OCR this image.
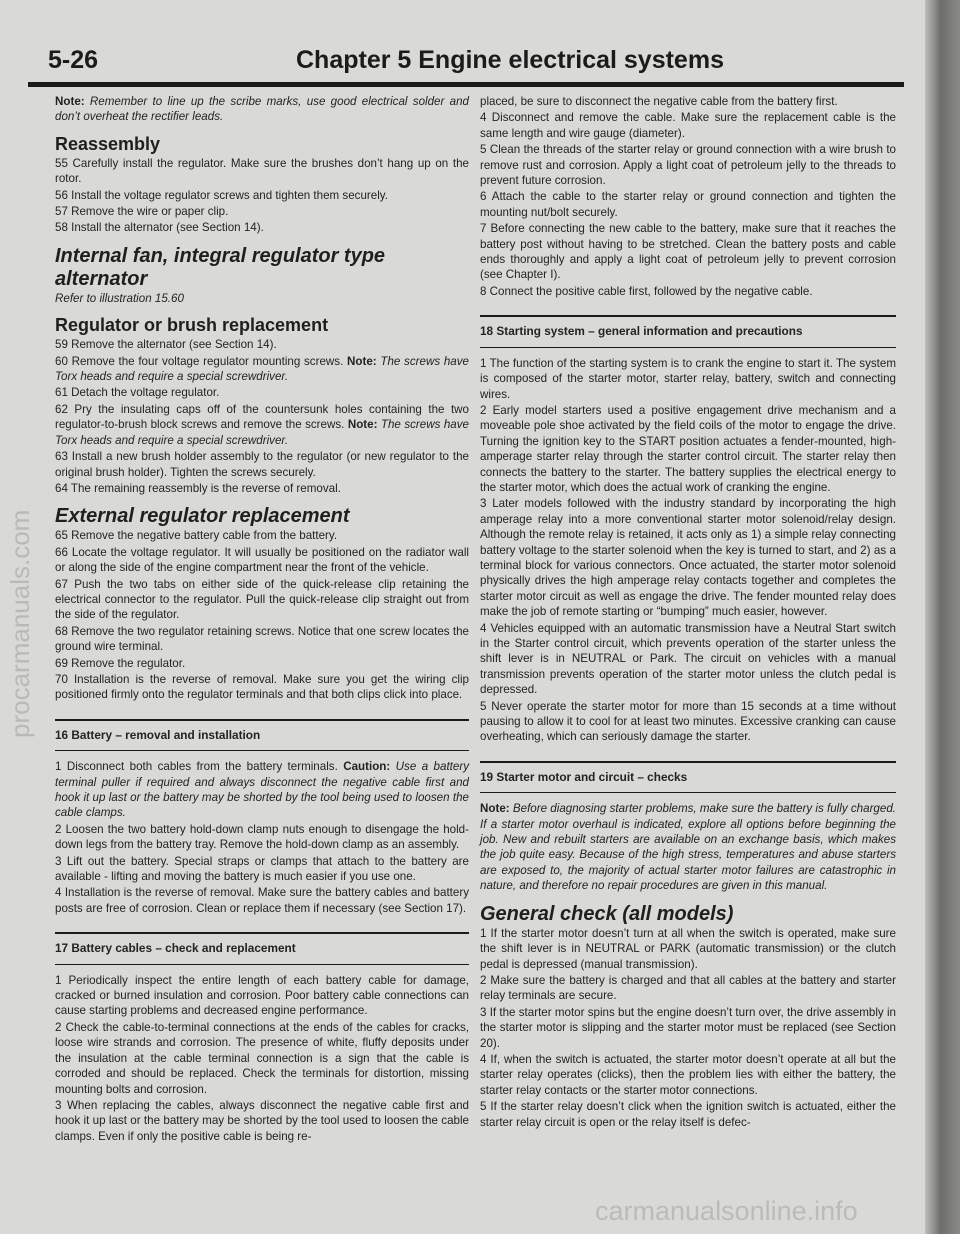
5-26	Chapter 5 Engine electrical systems

Note: Remember to line up the scribe marks, use good electrical solder and don’t overheat the rectifier leads.

Reassembly

55 Carefully install the regulator. Make sure the brushes don’t hang up on the rotor.

56 Install the voltage regulator screws and tighten them securely.

57 Remove the wire or paper clip.

58 Install the alternator (see Section 14).

Internal fan, integral regulator type alternator

Refer to illustration 15.60

Regulator or brush replacement

59 Remove the alternator (see Section 14).

60 Remove the four voltage regulator mounting screws. Note: The screws have Torx heads and require a special screwdriver.

61 Detach the voltage regulator.

62 Pry the insulating caps off of the countersunk holes containing the two regulator-to-brush block screws and remove the screws. Note: The screws have Torx heads and require a special screwdriver.

63 Install a new brush holder assembly to the regulator (or new regulator to the original brush holder). Tighten the screws securely.

64 The remaining reassembly is the reverse of removal.

External regulator replacement

65 Remove the negative battery cable from the battery.

66 Locate the voltage regulator. It will usually be positioned on the radiator wall or along the side of the engine compartment near the front of the vehicle.

67 Push the two tabs on either side of the quick-release clip retaining the electrical connector to the regulator. Pull the quick-release clip straight out from the side of the regulator.

68 Remove the two regulator retaining screws. Notice that one screw locates the ground wire terminal.

69 Remove the regulator.

70 Installation is the reverse of removal. Make sure you get the wiring clip positioned firmly onto the regulator terminals and that both clips click into place.

16 Battery – removal and installation

1 Disconnect both cables from the battery terminals. Caution: Use a battery terminal puller if required and always disconnect the negative cable first and hook it up last or the battery may be shorted by the tool being used to loosen the cable clamps.

2 Loosen the two battery hold-down clamp nuts enough to disengage the hold-down legs from the battery tray. Remove the hold-down clamp as an assembly.

3 Lift out the battery. Special straps or clamps that attach to the battery are available - lifting and moving the battery is much easier if you use one.

4 Installation is the reverse of removal. Make sure the battery cables and battery posts are free of corrosion. Clean or replace them if necessary (see Section 17).

17 Battery cables – check and replacement

1 Periodically inspect the entire length of each battery cable for damage, cracked or burned insulation and corrosion. Poor battery cable connections can cause starting problems and decreased engine performance.

2 Check the cable-to-terminal connections at the ends of the cables for cracks, loose wire strands and corrosion. The presence of white, fluffy deposits under the insulation at the cable terminal connection is a sign that the cable is corroded and should be replaced. Check the terminals for distortion, missing mounting bolts and corrosion.

3 When replacing the cables, always disconnect the negative cable first and hook it up last or the battery may be shorted by the tool used to loosen the cable clamps. Even if only the positive cable is being re-

placed, be sure to disconnect the negative cable from the battery first.

4 Disconnect and remove the cable. Make sure the replacement cable is the same length and wire gauge (diameter).

5 Clean the threads of the starter relay or ground connection with a wire brush to remove rust and corrosion. Apply a light coat of petroleum jelly to the threads to prevent future corrosion.

6 Attach the cable to the starter relay or ground connection and tighten the mounting nut/bolt securely.

7 Before connecting the new cable to the battery, make sure that it reaches the battery post without having to be stretched. Clean the battery posts and cable ends thoroughly and apply a light coat of petroleum jelly to prevent corrosion (see Chapter I).

8 Connect the positive cable first, followed by the negative cable.

18 Starting system – general information and precautions

1 The function of the starting system is to crank the engine to start it. The system is composed of the starter motor, starter relay, battery, switch and connecting wires.

2 Early model starters used a positive engagement drive mechanism and a moveable pole shoe activated by the field coils of the motor to engage the drive. Turning the ignition key to the START position actuates a fender-mounted, high-amperage starter relay through the starter control circuit. The starter relay then connects the battery to the starter. The battery supplies the electrical energy to the starter motor, which does the actual work of cranking the engine.

3 Later models followed with the industry standard by incorporating the high amperage relay into a more conventional starter motor solenoid/relay design. Although the remote relay is retained, it acts only as 1) a simple relay connecting battery voltage to the starter solenoid when the key is turned to start, and 2) as a terminal block for various connectors. Once actuated, the starter motor solenoid physically drives the high amperage relay contacts together and completes the starter motor circuit as well as engage the drive. The fender mounted relay does make the job of remote starting or “bumping” much easier, however.

4 Vehicles equipped with an automatic transmission have a Neutral Start switch in the Starter control circuit, which prevents operation of the starter unless the shift lever is in NEUTRAL or Park. The circuit on vehicles with a manual transmission prevents operation of the starter motor unless the clutch pedal is depressed.

5 Never operate the starter motor for more than 15 seconds at a time without pausing to allow it to cool for at least two minutes. Excessive cranking can cause overheating, which can seriously damage the starter.

19 Starter motor and circuit – checks

Note: Before diagnosing starter problems, make sure the battery is fully charged. If a starter motor overhaul is indicated, explore all options before beginning the job. New and rebuilt starters are available on an exchange basis, which makes the job quite easy. Because of the high stress, temperatures and abuse starters are exposed to, the majority of actual starter motor failures are catastrophic in nature, and therefore no repair procedures are given in this manual.

General check (all models)

1 If the starter motor doesn’t turn at all when the switch is operated, make sure the shift lever is in NEUTRAL or PARK (automatic transmission) or the clutch pedal is depressed (manual transmission).

2 Make sure the battery is charged and that all cables at the battery and starter relay terminals are secure.

3 If the starter motor spins but the engine doesn’t turn over, the drive assembly in the starter motor is slipping and the starter motor must be replaced (see Section 20).

4 If, when the switch is actuated, the starter motor doesn’t operate at all but the starter relay operates (clicks), then the problem lies with either the battery, the starter relay contacts or the starter motor connections.

5 If the starter relay doesn’t click when the ignition switch is actuated, either the starter relay circuit is open or the relay itself is defec-

procarmanuals.com
carmanualsonline.info
